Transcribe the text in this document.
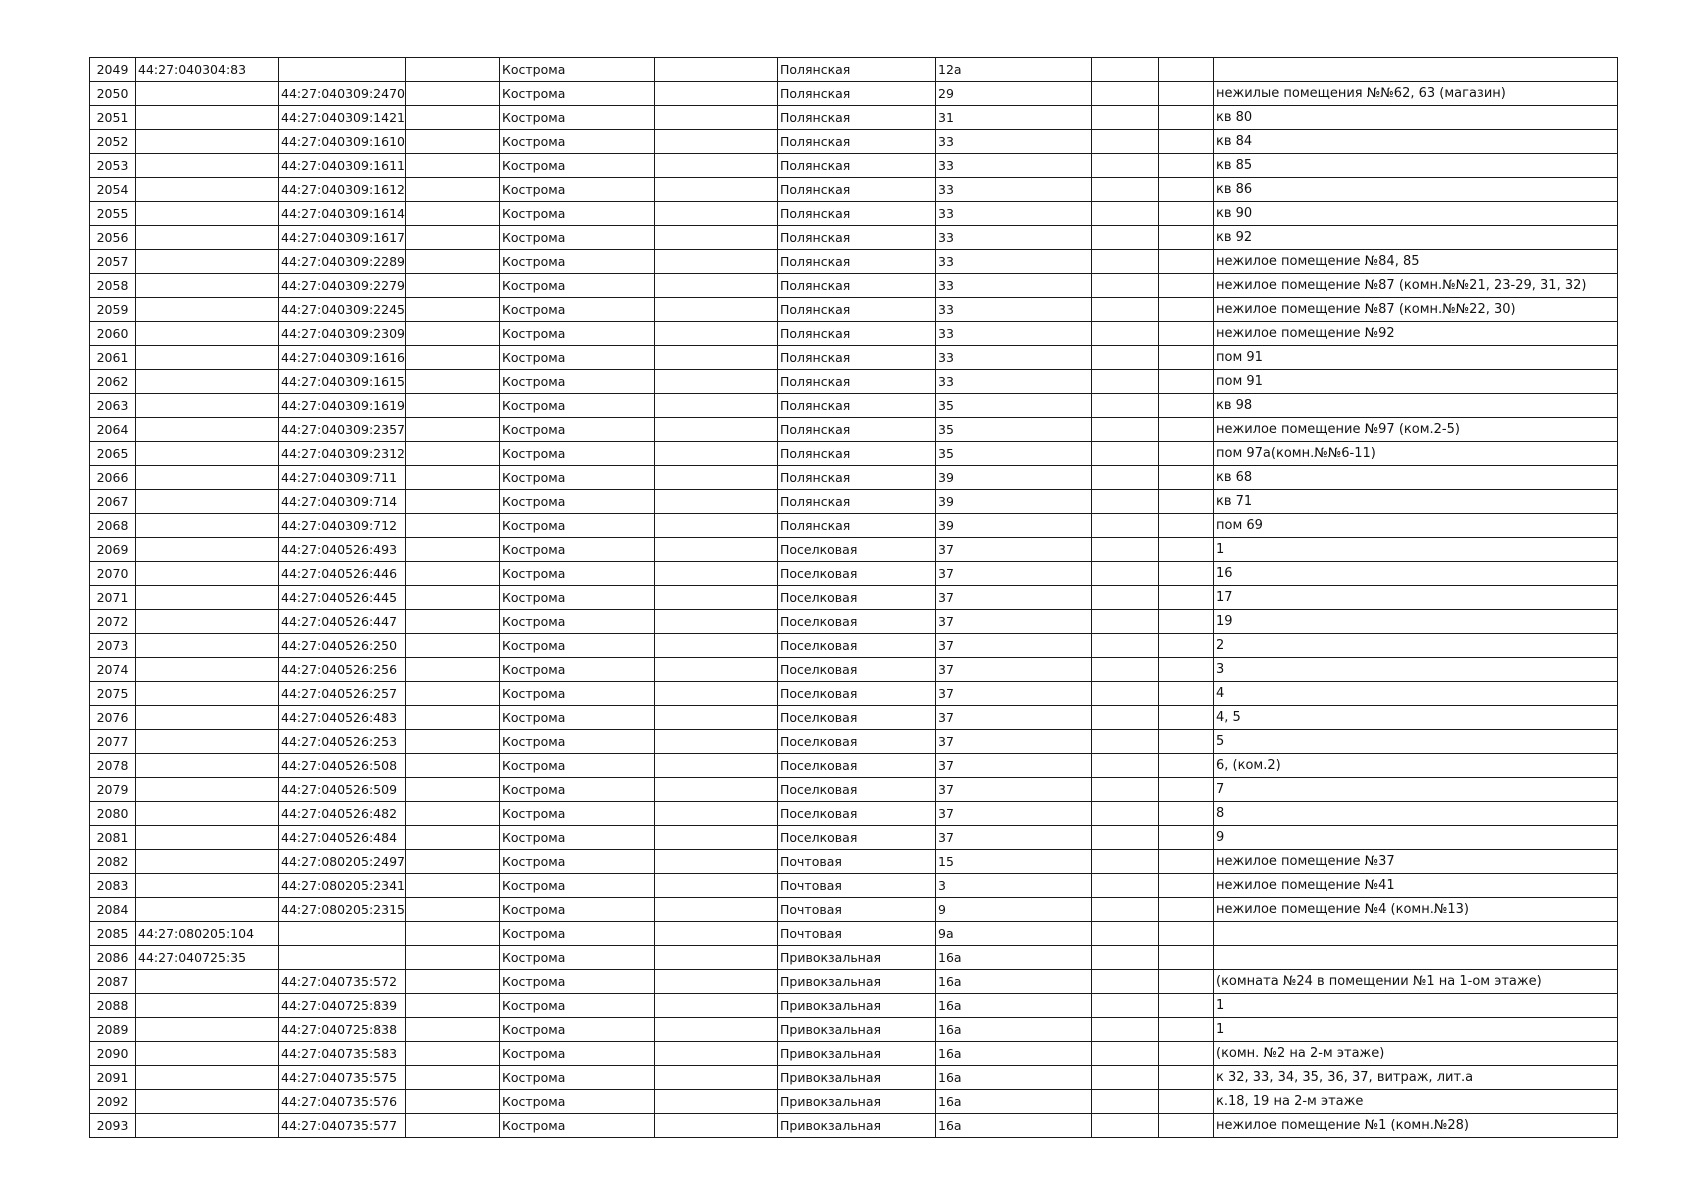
2049	44:27:040304:83			Кострома		Полянская	12а			
2050		44:27:040309:2470		Кострома		Полянская	29			нежилые помещения №№62, 63 (магазин)
2051		44:27:040309:1421		Кострома		Полянская	31			кв 80
2052		44:27:040309:1610		Кострома		Полянская	33			кв 84
2053		44:27:040309:1611		Кострома		Полянская	33			кв 85
2054		44:27:040309:1612		Кострома		Полянская	33			кв 86
2055		44:27:040309:1614		Кострома		Полянская	33			кв 90
2056		44:27:040309:1617		Кострома		Полянская	33			кв 92
2057		44:27:040309:2289		Кострома		Полянская	33			нежилое помещение №84, 85
2058		44:27:040309:2279		Кострома		Полянская	33			нежилое помещение №87 (комн.№№21, 23-29, 31, 32)
2059		44:27:040309:2245		Кострома		Полянская	33			нежилое помещение №87 (комн.№№22, 30)
2060		44:27:040309:2309		Кострома		Полянская	33			нежилое помещение №92
2061		44:27:040309:1616		Кострома		Полянская	33			пом 91
2062		44:27:040309:1615		Кострома		Полянская	33			пом 91
2063		44:27:040309:1619		Кострома		Полянская	35			кв 98
2064		44:27:040309:2357		Кострома		Полянская	35			нежилое помещение №97 (ком.2-5)
2065		44:27:040309:2312		Кострома		Полянская	35			пом 97а(комн.№№6-11)
2066		44:27:040309:711		Кострома		Полянская	39			кв 68
2067		44:27:040309:714		Кострома		Полянская	39			кв 71
2068		44:27:040309:712		Кострома		Полянская	39			пом 69
2069		44:27:040526:493		Кострома		Поселковая	37			1
2070		44:27:040526:446		Кострома		Поселковая	37			16
2071		44:27:040526:445		Кострома		Поселковая	37			17
2072		44:27:040526:447		Кострома		Поселковая	37			19
2073		44:27:040526:250		Кострома		Поселковая	37			2
2074		44:27:040526:256		Кострома		Поселковая	37			3
2075		44:27:040526:257		Кострома		Поселковая	37			4
2076		44:27:040526:483		Кострома		Поселковая	37			4, 5
2077		44:27:040526:253		Кострома		Поселковая	37			5
2078		44:27:040526:508		Кострома		Поселковая	37			6, (ком.2)
2079		44:27:040526:509		Кострома		Поселковая	37			7
2080		44:27:040526:482		Кострома		Поселковая	37			8
2081		44:27:040526:484		Кострома		Поселковая	37			9
2082		44:27:080205:2497		Кострома		Почтовая	15			нежилое помещение №37
2083		44:27:080205:2341		Кострома		Почтовая	3			нежилое помещение №41
2084		44:27:080205:2315		Кострома		Почтовая	9			нежилое помещение №4 (комн.№13)
2085	44:27:080205:104			Кострома		Почтовая	9а			
2086	44:27:040725:35			Кострома		Привокзальная	16а			
2087		44:27:040735:572		Кострома		Привокзальная	16а			(комната №24 в помещении №1 на 1-ом этаже)
2088		44:27:040725:839		Кострома		Привокзальная	16а			1
2089		44:27:040725:838		Кострома		Привокзальная	16а			1
2090		44:27:040735:583		Кострома		Привокзальная	16а			(комн. №2 на 2-м этаже)
2091		44:27:040735:575		Кострома		Привокзальная	16а			к 32, 33, 34, 35, 36, 37, витраж, лит.а
2092		44:27:040735:576		Кострома		Привокзальная	16а			к.18, 19 на 2-м этаже
2093		44:27:040735:577		Кострома		Привокзальная	16а			нежилое помещение №1 (комн.№28)
